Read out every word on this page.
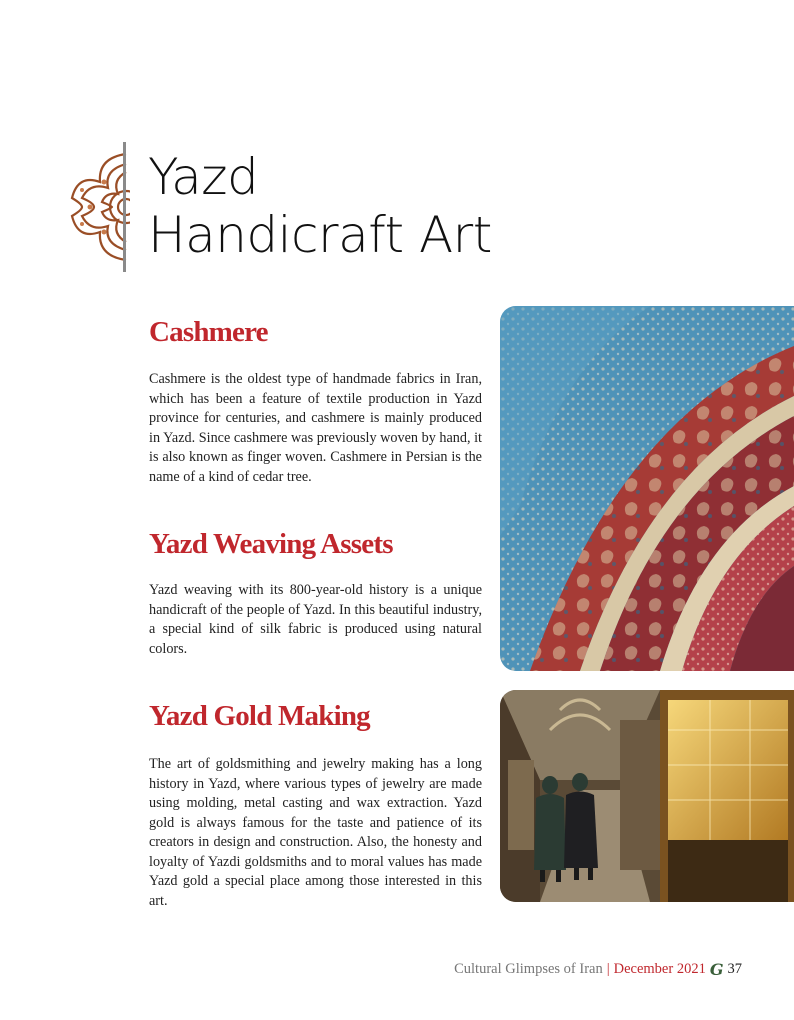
Yazd
Handicraft Art
Cashmere

Cashmere is the oldest type of handmade fabrics in Iran, which has been a feature of textile production in Yazd province for centuries, and cashmere is mainly produced in Yazd. Since cashmere was previously woven by hand, it is also known as finger woven. Cashmere in Persian is the name of a kind of cedar tree.

Yazd Weaving Assets

Yazd weaving with its 800-year-old history is a unique handicraft of the people of Yazd. In this beautiful industry, a special kind of silk fabric is produced using natural colors.

Yazd Gold Making

The art of goldsmithing and jewelry making has a long history in Yazd, where various types of jewelry are made using molding, metal casting and wax extraction. Yazd gold is always famous for the taste and patience of its creators in design and construction. Also, the honesty and loyalty of Yazdi goldsmiths and to moral values has made Yazd gold a special place among those interested in this art.

Cultural Glimpses of Iran | December 2021 G 37
